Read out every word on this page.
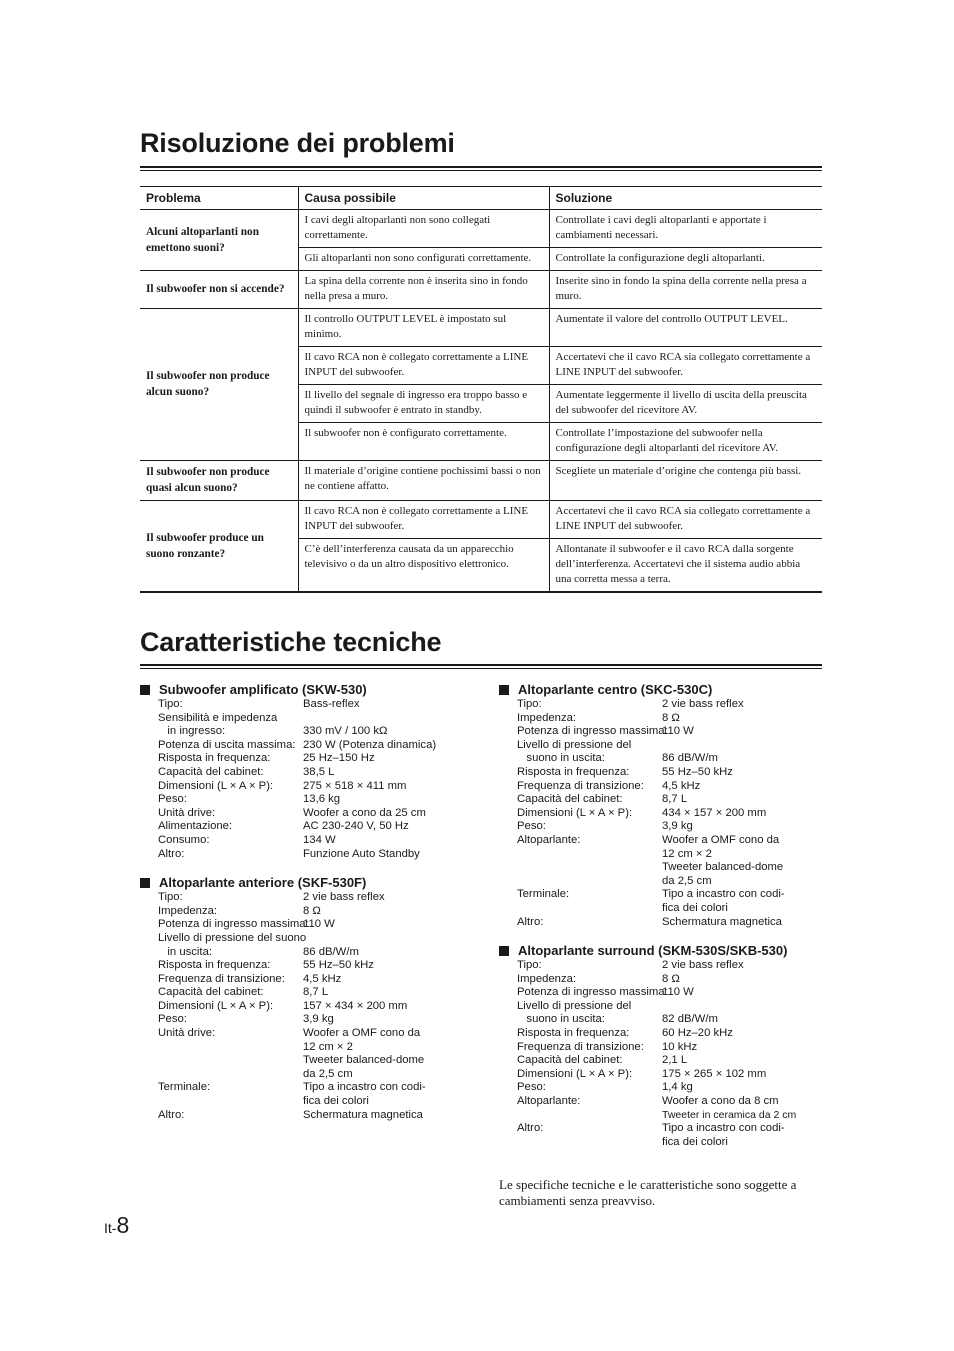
Risoluzione dei problemi
Problema	Causa possibile	Soluzione
Alcuni altoparlanti non emettono suoni?	I cavi degli altoparlanti non sono collegati correttamente.	Controllate i cavi degli altoparlanti e apportate i cambiamenti necessari.
	Gli altoparlanti non sono configurati correttamente.	Controllate la configurazione degli altoparlanti.
Il subwoofer non si accende?	La spina della corrente non è inserita sino in fondo nella presa a muro.	Inserite sino in fondo la spina della corrente nella presa a muro.
Il subwoofer non produce alcun suono?	Il controllo OUTPUT LEVEL è impostato sul minimo.	Aumentate il valore del controllo OUTPUT LEVEL.
	Il cavo RCA non è collegato correttamente a LINE INPUT del subwoofer.	Accertatevi che il cavo RCA sia collegato correttamente a LINE INPUT del subwoofer.
	Il livello del segnale di ingresso era troppo basso e quindi il subwoofer è entrato in standby.	Aumentate leggermente il livello di uscita della preuscita del subwoofer del ricevitore AV.
	Il subwoofer non è configurato correttamente.	Controllate l’impostazione del subwoofer nella configurazione degli altoparlanti del ricevitore AV.
Il subwoofer non produce quasi alcun suono?	Il materiale d’origine contiene pochissimi bassi o non ne contiene affatto.	Scegliete un materiale d’origine che contenga più bassi.
Il subwoofer produce un suono ronzante?	Il cavo RCA non è collegato correttamente a LINE INPUT del subwoofer.	Accertatevi che il cavo RCA sia collegato correttamente a LINE INPUT del subwoofer.
	C’è dell’interferenza causata da un apparecchio televisivo o da un altro dispositivo elettronico.	Allontanate il subwoofer e il cavo RCA dalla sorgente dell’interferenza. Accertatevi che il sistema audio abbia una corretta messa a terra.
Caratteristiche tecniche
Subwoofer amplificato (SKW-530)
Tipo:	Bass-reflex
Sensibilità e impedenza
in ingresso:	330 mV / 100 kΩ
Potenza di uscita massima: 230 W (Potenza dinamica)
Risposta in frequenza:	25 Hz–150 Hz
Capacità del cabinet:	38,5 L
Dimensioni (L × A × P):	275 × 518 × 411 mm
Peso:	13,6 kg
Unità drive:	Woofer a cono da 25 cm
Alimentazione:	AC 230-240 V, 50 Hz
Consumo:	134 W
Altro:	Funzione Auto Standby
Altoparlante anteriore (SKF-530F)
Tipo:	2 vie bass reflex
Impedenza:	8 Ω
Potenza di ingresso massima:
110 W
Livello di pressione del suono
in uscita:	86 dB/W/m
Risposta in frequenza:	55 Hz–50 kHz
Frequenza di transizione:	4,5 kHz
Capacità del cabinet:	8,7 L
Dimensioni (L × A × P):	157 × 434 × 200 mm
Peso:	3,9 kg
Unità drive:	Woofer a OMF cono da
12 cm × 2
Tweeter balanced-dome
da 2,5 cm
Terminale:	Tipo a incastro con codi-
fica dei colori
Altro:	Schermatura magnetica
Altoparlante centro (SKC-530C)
Tipo:	2 vie bass reflex
Impedenza:	8 Ω
Potenza di ingresso massima:
110 W
Livello di pressione del
suono in uscita:	86 dB/W/m
Risposta in frequenza:	55 Hz–50 kHz
Frequenza di transizione:	4,5 kHz
Capacità del cabinet:	8,7 L
Dimensioni (L × A × P):	434 × 157 × 200 mm
Peso:	3,9 kg
Altoparlante:	Woofer a OMF cono da
12 cm × 2
Tweeter balanced-dome
da 2,5 cm
Terminale:	Tipo a incastro con codi-
fica dei colori
Altro:	Schermatura magnetica
Altoparlante surround (SKM-530S/SKB-530)
Tipo:	2 vie bass reflex
Impedenza:	8 Ω
Potenza di ingresso massima:
110 W
Livello di pressione del
suono in uscita:	82 dB/W/m
Risposta in frequenza:	60 Hz–20 kHz
Frequenza di transizione:	10 kHz
Capacità del cabinet:	2,1 L
Dimensioni (L × A × P):	175 × 265 × 102 mm
Peso:	1,4 kg
Altoparlante:	Woofer a cono da 8 cm
Tweeter in ceramica da 2 cm
Altro:	Tipo a incastro con codi-
fica dei colori
Le specifiche tecniche e le caratteristiche sono soggette a cambiamenti senza preavviso.
It-8
